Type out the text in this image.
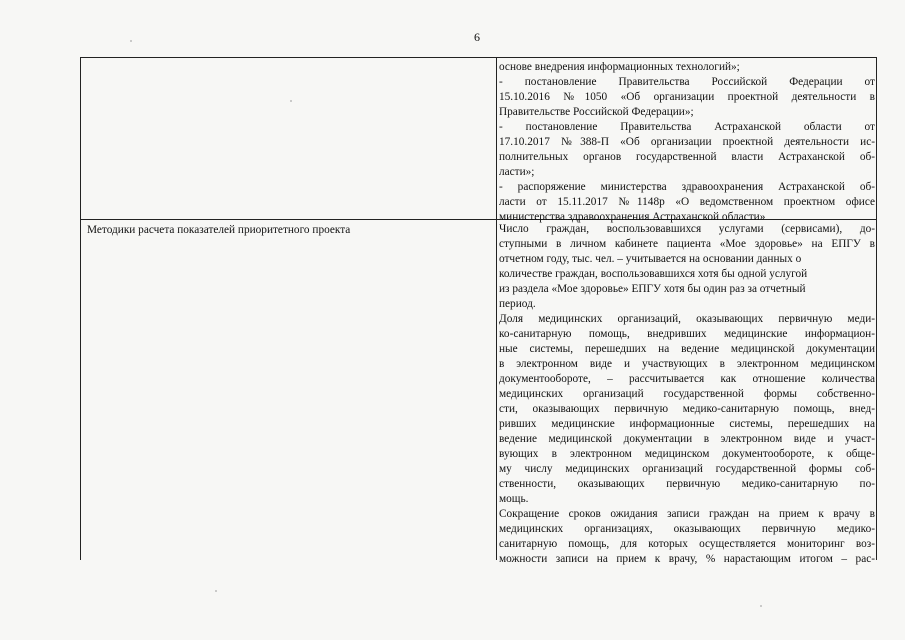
6
Методики расчета показателей приоритетного проекта
основе внедрения информационных технологий»;
- постановление Правительства Российской Федерации от
15.10.2016 №1050 «Об организации проектной деятельности в
Правительстве Российской Федерации»;
- постановление Правительства Астраханской области от
17.10.2017 №388-П «Об организации проектной деятельности ис-
полнительных органов государственной власти Астраханской об-
ласти»;
- распоряжение министерства здравоохранения Астраханской об-
ласти от 15.11.2017 №1148р «О ведомственном проектном офисе
министерства здравоохранения Астраханской области»
Число граждан, воспользовавшихся услугами (сервисами), до-
ступными в личном кабинете пациента «Мое здоровье» на ЕПГУ в
отчетном году, тыс. чел. – учитывается на основании данных о
количестве граждан, воспользовавшихся хотя бы одной услугой
из раздела «Мое здоровье» ЕПГУ хотя бы один раз за отчетный
период.
Доля медицинских организаций, оказывающих первичную меди-
ко-санитарную помощь, внедривших медицинские информацион-
ные системы, перешедших на ведение медицинской документации
в электронном виде и участвующих в электронном медицинском
документообороте, – рассчитывается как отношение количества
медицинских организаций государственной формы собственно-
сти, оказывающих первичную медико-санитарную помощь, внед-
ривших медицинские информационные системы, перешедших на
ведение медицинской документации в электронном виде и участ-
вующих в электронном медицинском документообороте, к обще-
му числу медицинских организаций государственной формы соб-
ственности, оказывающих первичную медико-санитарную по-
мощь.
Сокращение сроков ожидания записи граждан на прием к врачу в
медицинских организациях, оказывающих первичную медико-
санитарную помощь, для которых осуществляется мониторинг воз-
можности записи на прием к врачу, % нарастающим итогом – рас-
